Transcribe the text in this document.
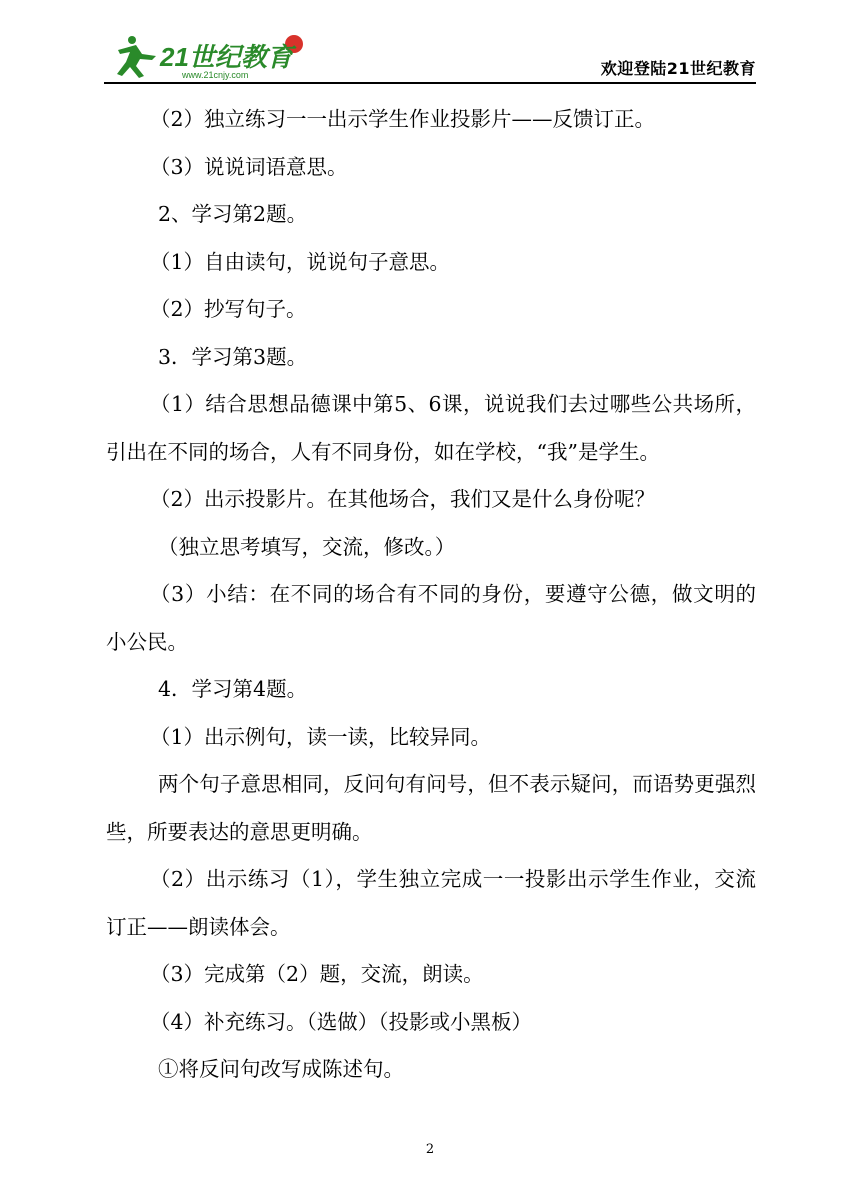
21世纪教育
www.21cnjy.com	欢迎登陆21世纪教育

（2）独立练习一一出示学生作业投影片——反馈订正。

（3）说说词语意思。

2、学习第2题。

（1）自由读句，说说句子意思。

（2）抄写句子。

3．学习第3题。

（1）结合思想品德课中第5、6课，说说我们去过哪些公共场所，引出在不同的场合，人有不同身份，如在学校，“我”是学生。

（2）出示投影片。在其他场合，我们又是什么身份呢？

（独立思考填写，交流，修改。）

（3）小结：在不同的场合有不同的身份，要遵守公德，做文明的小公民。

4．学习第4题。

（1）出示例句，读一读，比较异同。

两个句子意思相同，反问句有问号，但不表示疑问，而语势更强烈些，所要表达的意思更明确。

（2）出示练习（1），学生独立完成一一投影出示学生作业，交流订正——朗读体会。

（3）完成第（2）题，交流，朗读。

（4）补充练习。（选做）（投影或小黑板）

①将反问句改写成陈述句。

2
